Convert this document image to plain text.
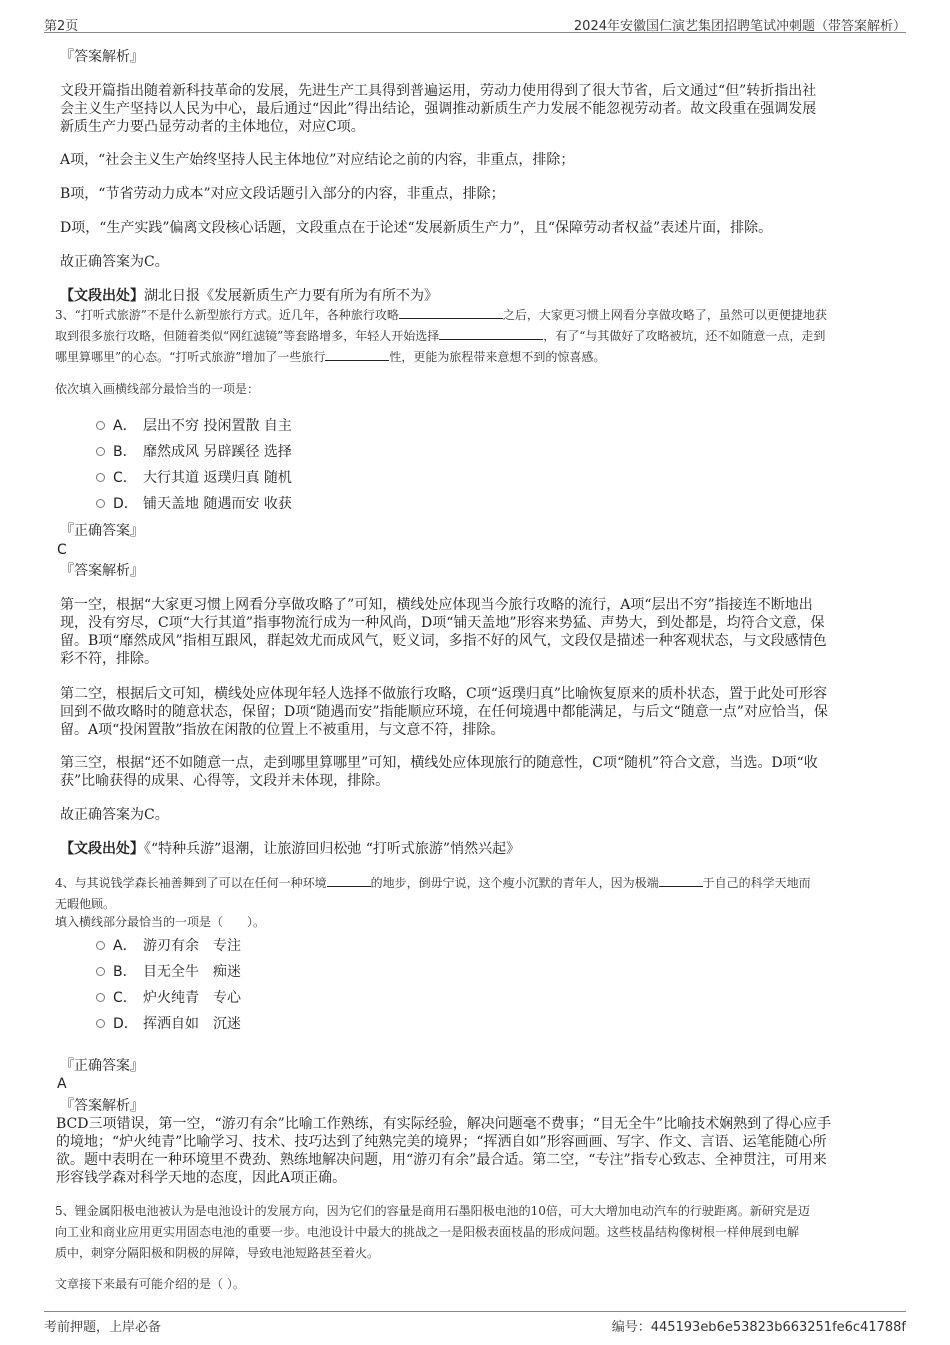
第2页	2024年安徽国仁演艺集团招聘笔试冲刺题（带答案解析）
『答案解析』
文段开篇指出随着新科技革命的发展，先进生产工具得到普遍运用，劳动力使用得到了很大节省，后文通过“但”转折指出社
会主义生产坚持以人民为中心，最后通过“因此”得出结论，强调推动新质生产力发展不能忽视劳动者。故文段重在强调发展
新质生产力要凸显劳动者的主体地位，对应C项。
A项，“社会主义生产始终坚持人民主体地位”对应结论之前的内容，非重点，排除；
B项，“节省劳动力成本”对应文段话题引入部分的内容，非重点，排除；
D项，“生产实践”偏离文段核心话题，文段重点在于论述“发展新质生产力”，且“保障劳动者权益”表述片面，排除。
故正确答案为C。
【文段出处】湖北日报《发展新质生产力要有所为有所不为》
3、“打听式旅游”不是什么新型旅行方式。近几年，各种旅行攻略	之后，大家更习惯上网看分享做攻略了，虽然可以更便捷地获
取到很多旅行攻略，但随着类似“网红滤镜”等套路增多，年轻人开始选择	，有了“与其做好了攻略被坑，还不如随意一点，走到
哪里算哪里”的心态。“打听式旅游”增加了一些旅行	性，更能为旅程带来意想不到的惊喜感。
依次填入画横线部分最恰当的一项是：
A． 层出不穷 投闲置散 自主
B． 靡然成风 另辟蹊径 选择
C． 大行其道 返璞归真 随机
D． 铺天盖地 随遇而安 收获
『正确答案』
C
『答案解析』
第一空，根据“大家更习惯上网看分享做攻略了”可知，横线处应体现当今旅行攻略的流行，A项“层出不穷”指接连不断地出
现，没有穷尽，C项“大行其道”指事物流行成为一种风尚，D项“铺天盖地”形容来势猛、声势大，到处都是，均符合文意，保
留。B项“靡然成风”指相互跟风，群起效尤而成风气，贬义词，多指不好的风气，文段仅是描述一种客观状态，与文段感情色
彩不符，排除。
第二空，根据后文可知，横线处应体现年轻人选择不做旅行攻略，C项“返璞归真”比喻恢复原来的质朴状态，置于此处可形容
回到不做攻略时的随意状态，保留；D项“随遇而安”指能顺应环境，在任何境遇中都能满足，与后文“随意一点”对应恰当，保
留。A项“投闲置散”指放在闲散的位置上不被重用，与文意不符，排除。
第三空，根据“还不如随意一点，走到哪里算哪里”可知，横线处应体现旅行的随意性，C项“随机”符合文意，当选。D项“收
获”比喻获得的成果、心得等，文段并未体现，排除。
故正确答案为C。
【文段出处】《“特种兵游”退潮，让旅游回归松弛 “打听式旅游”悄然兴起》
4、与其说钱学森长袖善舞到了可以在任何一种环境	的地步，倒毋宁说，这个瘦小沉默的青年人，因为极端	于自己的科学天地而
无暇他顾。
填入横线部分最恰当的一项是（　　）。
A． 游刃有余　专注
B． 目无全牛　痴迷
C． 炉火纯青　专心
D． 挥洒自如　沉迷
『正确答案』
A
『答案解析』
BCD三项错误，第一空，“游刃有余”比喻工作熟练，有实际经验，解决问题毫不费事；“目无全牛”比喻技术娴熟到了得心应手
的境地；“炉火纯青”比喻学习、技术、技巧达到了纯熟完美的境界；“挥洒自如”形容画画、写字、作文、言语、运笔能随心所
欲。题中表明在一种环境里不费劲、熟练地解决问题，用“游刃有余”最合适。第二空，“专注”指专心致志、全神贯注，可用来
形容钱学森对科学天地的态度，因此A项正确。
5、锂金属阳极电池被认为是电池设计的发展方向，因为它们的容量是商用石墨阳极电池的10倍，可大大增加电动汽车的行驶距离。新研究是迈
向工业和商业应用更实用固态电池的重要一步。电池设计中最大的挑战之一是阳极表面枝晶的形成问题。这些枝晶结构像树根一样伸展到电解
质中，刺穿分隔阳极和阴极的屏障，导致电池短路甚至着火。
文章接下来最有可能介绍的是（ ）。
考前押题，上岸必备	编号：445193eb6e53823b663251fe6c41788f
